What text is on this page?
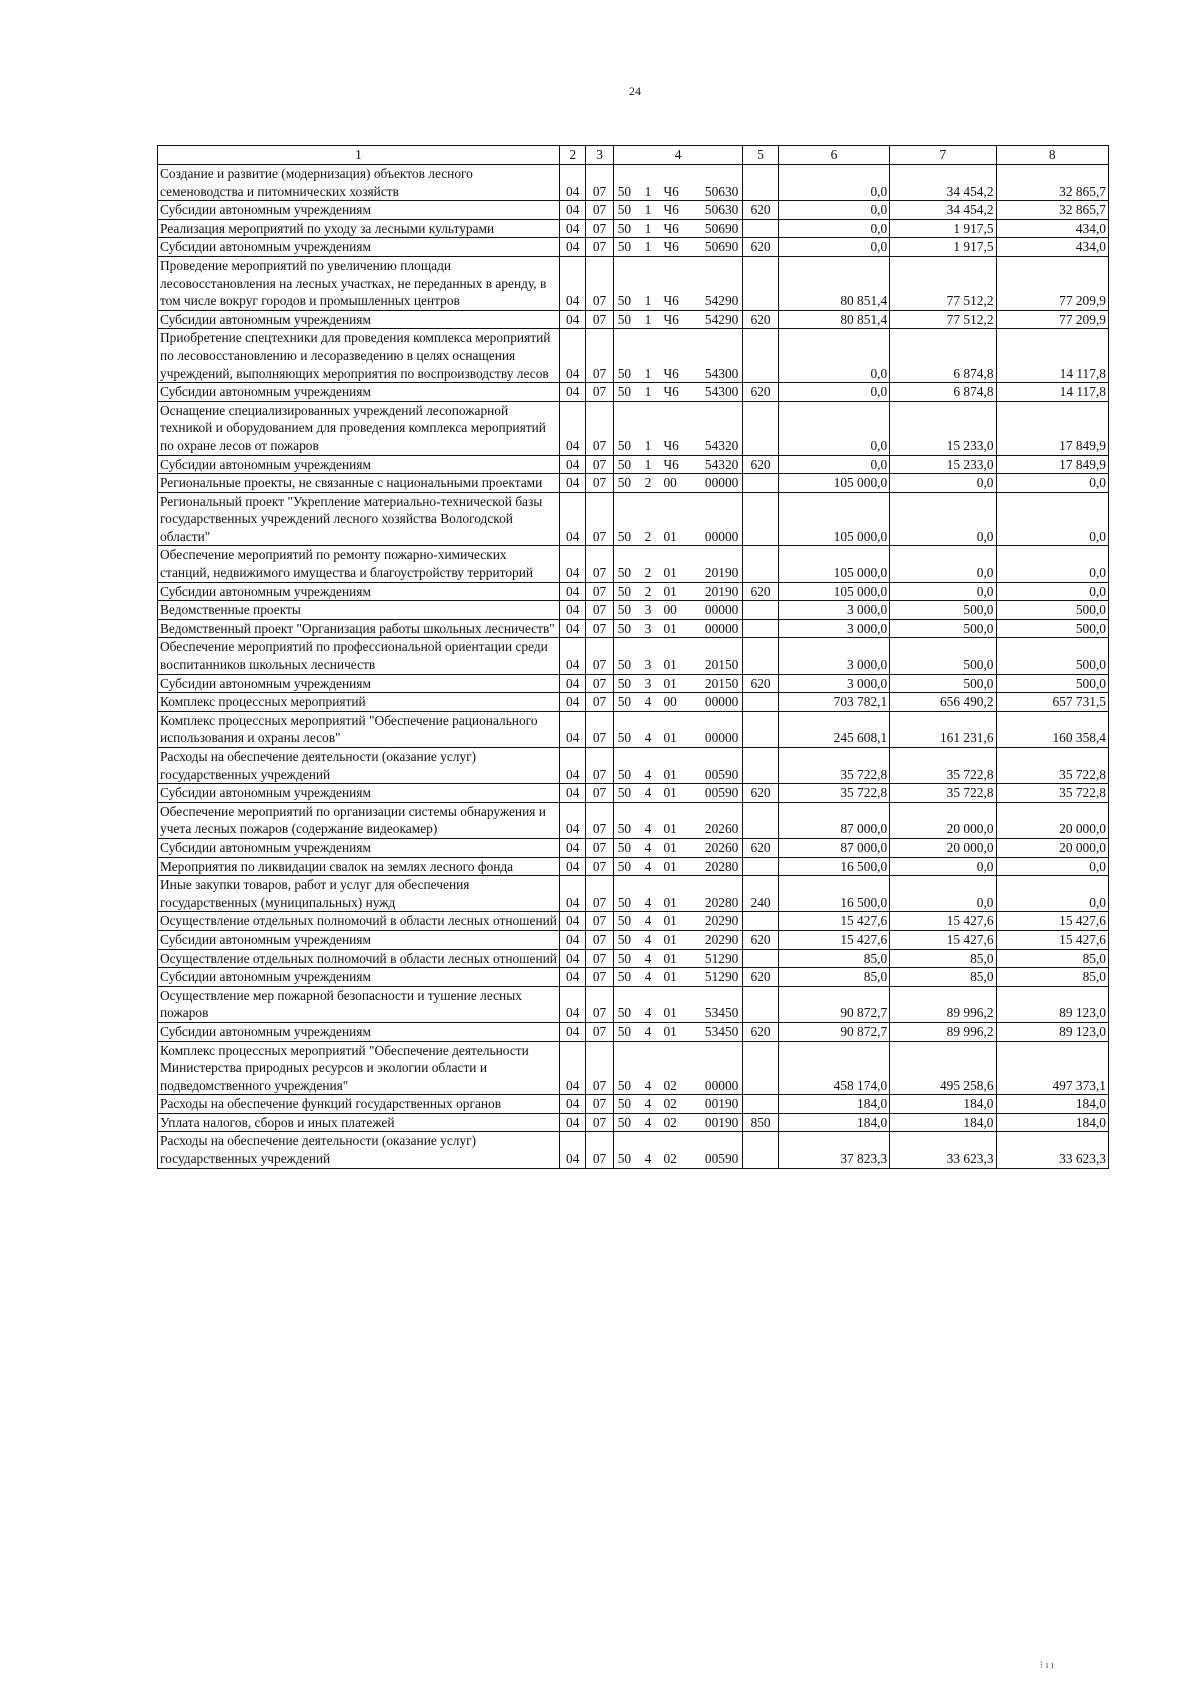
24
1	2	3	4	5	6	7	8
Создание и развитие (модернизация) объектов лесного семеноводства и питомнических хозяйств	04	07	50 1 Ч6 50630		0,0	34 454,2	32 865,7
Субсидии автономным учреждениям	04	07	50 1 Ч6 50630	620	0,0	34 454,2	32 865,7
Реализация мероприятий по уходу за лесными культурами	04	07	50 1 Ч6 50690		0,0	1 917,5	434,0
Субсидии автономным учреждениям	04	07	50 1 Ч6 50690	620	0,0	1 917,5	434,0
Проведение мероприятий по увеличению площади лесовосстановления на лесных участках, не переданных в аренду, в том числе вокруг городов и промышленных центров	04	07	50 1 Ч6 54290		80 851,4	77 512,2	77 209,9
Субсидии автономным учреждениям	04	07	50 1 Ч6 54290	620	80 851,4	77 512,2	77 209,9
Приобретение спецтехники для проведения комплекса мероприятий по лесовосстановлению и лесоразведению в целях оснащения учреждений, выполняющих мероприятия по воспроизводству лесов	04	07	50 1 Ч6 54300		0,0	6 874,8	14 117,8
Субсидии автономным учреждениям	04	07	50 1 Ч6 54300	620	0,0	6 874,8	14 117,8
Оснащение специализированных учреждений лесопожарной техникой и оборудованием для проведения комплекса мероприятий по охране лесов от пожаров	04	07	50 1 Ч6 54320		0,0	15 233,0	17 849,9
Субсидии автономным учреждениям	04	07	50 1 Ч6 54320	620	0,0	15 233,0	17 849,9
Региональные проекты, не связанные с национальными проектами	04	07	50 2 00 00000		105 000,0	0,0	0,0
Региональный проект "Укрепление материально-технической базы государственных учреждений лесного хозяйства Вологодской области"	04	07	50 2 01 00000		105 000,0	0,0	0,0
Обеспечение мероприятий по ремонту пожарно-химических станций, недвижимого имущества и благоустройству территорий	04	07	50 2 01 20190		105 000,0	0,0	0,0
Субсидии автономным учреждениям	04	07	50 2 01 20190	620	105 000,0	0,0	0,0
Ведомственные проекты	04	07	50 3 00 00000		3 000,0	500,0	500,0
Ведомственный проект "Организация работы школьных лесничеств"	04	07	50 3 01 00000		3 000,0	500,0	500,0
Обеспечение мероприятий по профессиональной ориентации среди воспитанников школьных лесничеств	04	07	50 3 01 20150		3 000,0	500,0	500,0
Субсидии автономным учреждениям	04	07	50 3 01 20150	620	3 000,0	500,0	500,0
Комплекс процессных мероприятий	04	07	50 4 00 00000		703 782,1	656 490,2	657 731,5
Комплекс процессных мероприятий "Обеспечение рационального использования и охраны лесов"	04	07	50 4 01 00000		245 608,1	161 231,6	160 358,4
Расходы на обеспечение деятельности (оказание услуг) государственных учреждений	04	07	50 4 01 00590		35 722,8	35 722,8	35 722,8
Субсидии автономным учреждениям	04	07	50 4 01 00590	620	35 722,8	35 722,8	35 722,8
Обеспечение мероприятий по организации системы обнаружения и учета лесных пожаров (содержание видеокамер)	04	07	50 4 01 20260		87 000,0	20 000,0	20 000,0
Субсидии автономным учреждениям	04	07	50 4 01 20260	620	87 000,0	20 000,0	20 000,0
Мероприятия по ликвидации свалок на землях лесного фонда	04	07	50 4 01 20280		16 500,0	0,0	0,0
Иные закупки товаров, работ и услуг для обеспечения государственных (муниципальных) нужд	04	07	50 4 01 20280	240	16 500,0	0,0	0,0
Осуществление отдельных полномочий в области лесных отношений	04	07	50 4 01 20290		15 427,6	15 427,6	15 427,6
Субсидии автономным учреждениям	04	07	50 4 01 20290	620	15 427,6	15 427,6	15 427,6
Осуществление отдельных полномочий в области лесных отношений	04	07	50 4 01 51290		85,0	85,0	85,0
Субсидии автономным учреждениям	04	07	50 4 01 51290	620	85,0	85,0	85,0
Осуществление мер пожарной безопасности и тушение лесных пожаров	04	07	50 4 01 53450		90 872,7	89 996,2	89 123,0
Субсидии автономным учреждениям	04	07	50 4 01 53450	620	90 872,7	89 996,2	89 123,0
Комплекс процессных мероприятий "Обеспечение деятельности Министерства природных ресурсов и экологии области и подведомственного учреждения"	04	07	50 4 02 00000		458 174,0	495 258,6	497 373,1
Расходы на обеспечение функций государственных органов	04	07	50 4 02 00190		184,0	184,0	184,0
Уплата налогов, сборов и иных платежей	04	07	50 4 02 00190	850	184,0	184,0	184,0
Расходы на обеспечение деятельности (оказание услуг) государственных учреждений	04	07	50 4 02 00590		37 823,3	33 623,3	33 623,3
⁝ ı ı
